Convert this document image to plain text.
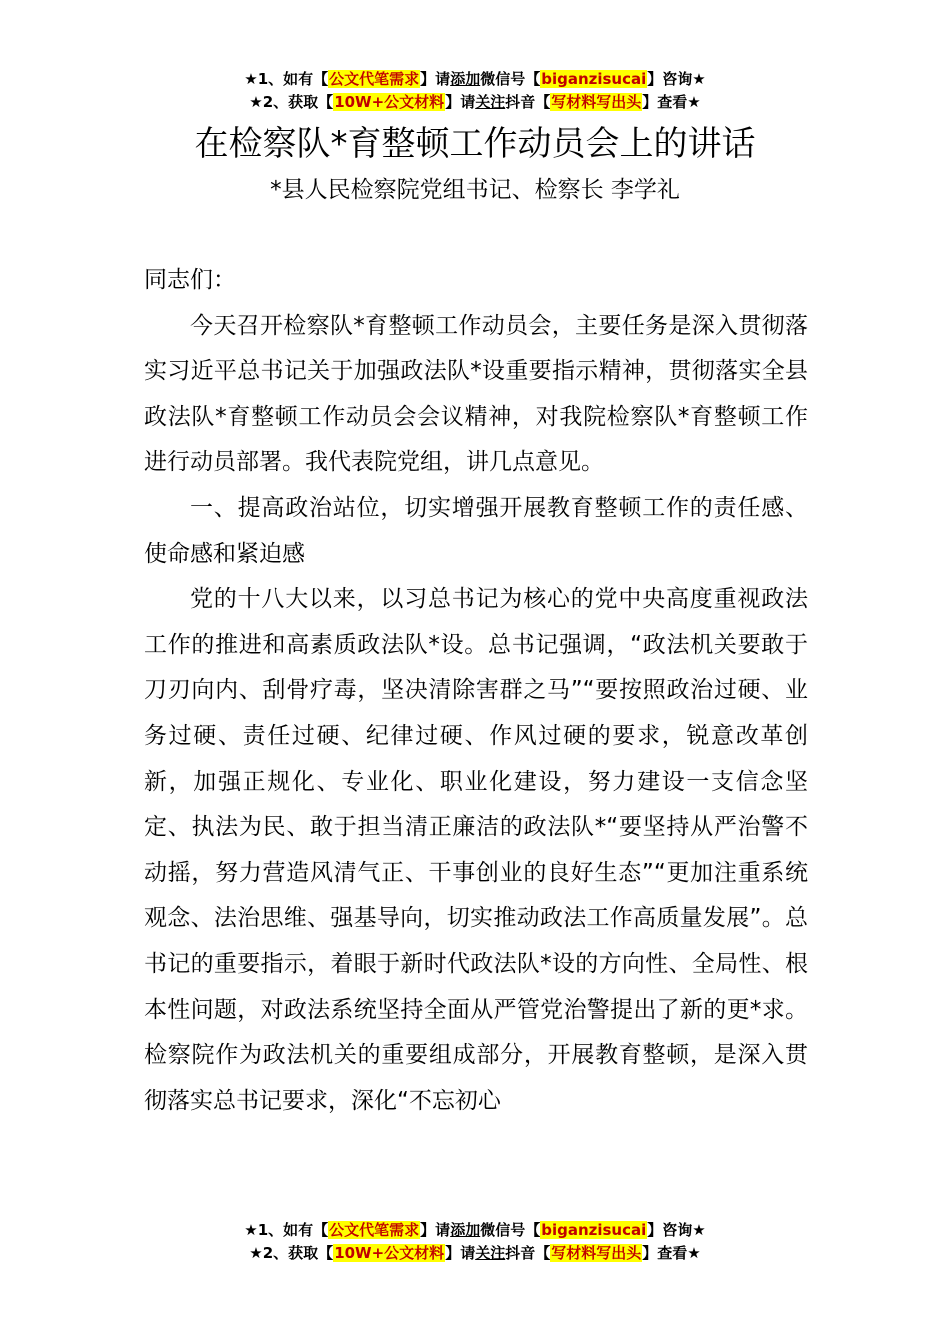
★1、如有【公文代笔需求】请添加微信号【biganzisucai】咨询★
★2、获取【10W+公文材料】请关注抖音【写材料写出头】查看★
在检察队*育整顿工作动员会上的讲话
*县人民检察院党组书记、检察长 李学礼

同志们：

今天召开检察队*育整顿工作动员会，主要任务是深入贯彻落实习近平总书记关于加强政法队*设重要指示精神，贯彻落实全县政法队*育整顿工作动员会会议精神，对我院检察队*育整顿工作进行动员部署。我代表院党组，讲几点意见。

一、提高政治站位，切实增强开展教育整顿工作的责任感、使命感和紧迫感

党的十八大以来，以习总书记为核心的党中央高度重视政法工作的推进和高素质政法队*设。总书记强调，“政法机关要敢于刀刃向内、刮骨疗毒，坚决清除害群之马”“要按照政治过硬、业务过硬、责任过硬、纪律过硬、作风过硬的要求，锐意改革创新，加强正规化、专业化、职业化建设，努力建设一支信念坚定、执法为民、敢于担当清正廉洁的政法队*“要坚持从严治警不动摇，努力营造风清气正、干事创业的良好生态”“更加注重系统观念、法治思维、强基导向，切实推动政法工作高质量发展”。总书记的重要指示，着眼于新时代政法队*设的方向性、全局性、根本性问题，对政法系统坚持全面从严管党治警提出了新的更*求。检察院作为政法机关的重要组成部分，开展教育整顿，是深入贯彻落实总书记要求，深化“不忘初心

★1、如有【公文代笔需求】请添加微信号【biganzisucai】咨询★
★2、获取【10W+公文材料】请关注抖音【写材料写出头】查看★
